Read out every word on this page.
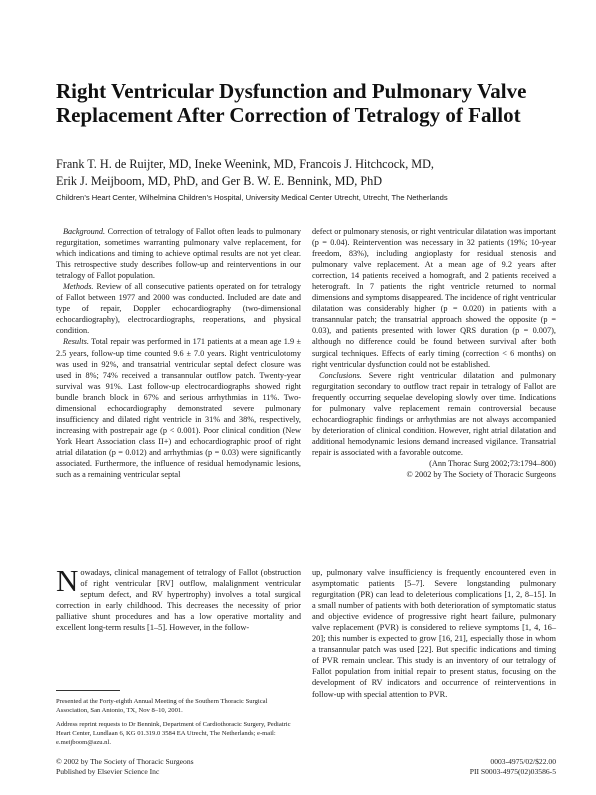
Right Ventricular Dysfunction and Pulmonary Valve Replacement After Correction of Tetralogy of Fallot
Frank T. H. de Ruijter, MD, Ineke Weenink, MD, Francois J. Hitchcock, MD,
Erik J. Meijboom, MD, PhD, and Ger B. W. E. Bennink, MD, PhD
Children’s Heart Center, Wilhelmina Children’s Hospital, University Medical Center Utrecht, Utrecht, The Netherlands

Background. Correction of tetralogy of Fallot often leads to pulmonary regurgitation, sometimes warranting pulmonary valve replacement, for which indications and timing to achieve optimal results are not yet clear. This retrospective study describes follow-up and reinterventions in our tetralogy of Fallot population.

Methods. Review of all consecutive patients operated on for tetralogy of Fallot between 1977 and 2000 was conducted. Included are date and type of repair, Doppler echocardiography (two-dimensional echocardiography), electrocardiographs, reoperations, and physical condition.

Results. Total repair was performed in 171 patients at a mean age 1.9 ± 2.5 years, follow-up time counted 9.6 ± 7.0 years. Right ventriculotomy was used in 92%, and transatrial ventricular septal defect closure was used in 8%; 74% received a transannular outflow patch. Twenty-year survival was 91%. Last follow-up electrocardiographs showed right bundle branch block in 67% and serious arrhythmias in 11%. Two-dimensional echocardiography demonstrated severe pulmonary insufficiency and dilated right ventricle in 31% and 38%, respectively, increasing with postrepair age (p < 0.001). Poor clinical condition (New York Heart Association class II+) and echocardiographic proof of right atrial dilatation (p = 0.012) and arrhythmias (p = 0.03) were significantly associated. Furthermore, the influence of residual hemodynamic lesions, such as a remaining ventricular septal

defect or pulmonary stenosis, or right ventricular dilatation was important (p = 0.04). Reintervention was necessary in 32 patients (19%; 10-year freedom, 83%), including angioplasty for residual stenosis and pulmonary valve replacement. At a mean age of 9.2 years after correction, 14 patients received a homograft, and 2 patients received a heterograft. In 7 patients the right ventricle returned to normal dimensions and symptoms disappeared. The incidence of right ventricular dilatation was considerably higher (p = 0.020) in patients with a transannular patch; the transatrial approach showed the opposite (p = 0.03), and patients presented with lower QRS duration (p = 0.007), although no difference could be found between survival after both surgical techniques. Effects of early timing (correction < 6 months) on right ventricular dysfunction could not be established.

Conclusions. Severe right ventricular dilatation and pulmonary regurgitation secondary to outflow tract repair in tetralogy of Fallot are frequently occurring sequelae developing slowly over time. Indications for pulmonary valve replacement remain controversial because echocardiographic findings or arrhythmias are not always accompanied by deterioration of clinical condition. However, right atrial dilatation and additional hemodynamic lesions demand increased vigilance. Transatrial repair is associated with a favorable outcome.

(Ann Thorac Surg 2002;73:1794–800)

© 2002 by The Society of Thoracic Surgeons

Nowadays, clinical management of tetralogy of Fallot (obstruction of right ventricular [RV] outflow, malalignment ventricular septum defect, and RV hypertrophy) involves a total surgical correction in early childhood. This decreases the necessity of prior palliative shunt procedures and has a low operative mortality and excellent long-term results [1–5]. However, in the follow-
up, pulmonary valve insufficiency is frequently encountered even in asymptomatic patients [5–7]. Severe longstanding pulmonary regurgitation (PR) can lead to deleterious complications [1, 2, 8–15]. In a small number of patients with both deterioration of symptomatic status and objective evidence of progressive right heart failure, pulmonary valve replacement (PVR) is considered to relieve symptoms [1, 4, 16–20]; this number is expected to grow [16, 21], especially those in whom a transannular patch was used [22]. But specific indications and timing of PVR remain unclear. This study is an inventory of our tetralogy of Fallot population from initial repair to present status, focusing on the development of RV indicators and occurrence of reinterventions in follow-up with special attention to PVR.
Presented at the Forty-eighth Annual Meeting of the Southern Thoracic Surgical Association, San Antonio, TX, Nov 8–10, 2001.
Address reprint requests to Dr Bennink, Department of Cardiothoracic Surgery, Pediatric Heart Center, Lundlaan 6, KG 01.319.0 3584 EA Utrecht, The Netherlands; e-mail: e.meijboom@azu.nl.
© 2002 by The Society of Thoracic Surgeons
Published by Elsevier Science Inc
0003-4975/02/$22.00
PII S0003-4975(02)03586-5
